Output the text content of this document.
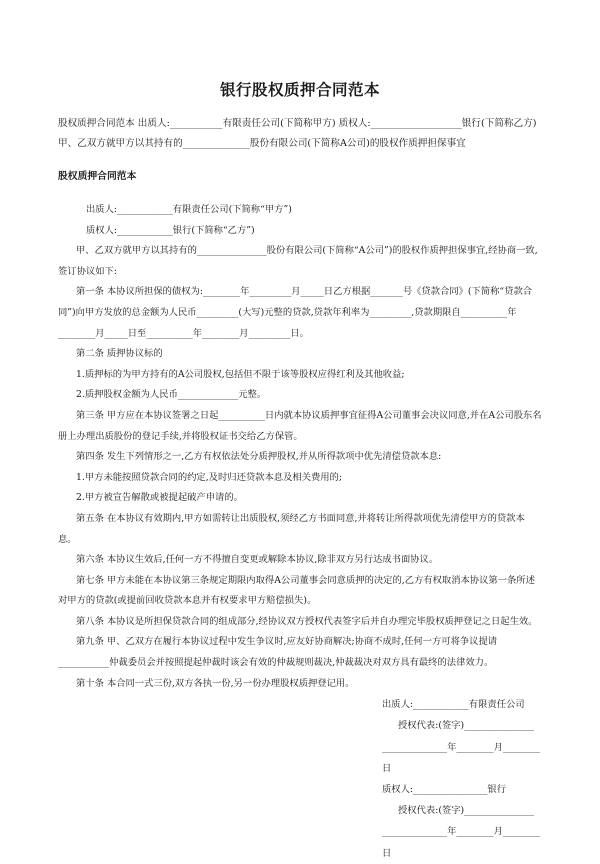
银行股权质押合同范本
股权质押合同范本 出质人:___________有限责任公司(下简称甲方) 质权人:___________________银行(下简称乙方) 甲、乙双方就甲方以其持有的______________股份有限公司(下简称A公司)的股权作质押担保事宜
股权质押合同范本

出质人:____________有限责任公司(下简称“甲方”)

质权人:____________银行(下简称“乙方”)

甲、乙双方就甲方以其持有的_______________股份有限公司(下简称“A公司”)的股权作质押担保事宜,经协商一致,签订协议如下:

第一条 本协议所担保的债权为:________年_________月_____日乙方根据_______号《贷款合同》(下简称“贷款合同”)向甲方发放的总金额为人民币_________(大写)元整的贷款,贷款年利率为_________,贷款期限自__________年________月_____日至__________年________月_________日。

第二条 质押协议标的

1.质押标的为甲方持有的A公司股权,包括但不限于该等股权应得红利及其他收益;

2.质押股权金额为人民币_____________元整。

第三条 甲方应在本协议签署之日起__________日内就本协议质押事宜征得A公司董事会决议同意,并在A公司股东名册上办理出质股份的登记手续,并将股权证书交给乙方保管。

第四条 发生下列情形之一,乙方有权依法处分质押股权,并从所得款项中优先清偿贷款本息:

1.甲方未能按照贷款合同的约定,及时归还贷款本息及相关费用的;

2.甲方被宣告解散或被提起破产申请的。

第五条 在本协议有效期内,甲方如需转让出质股权,须经乙方书面同意,并将转让所得款项优先清偿甲方的贷款本息。

第六条 本协议生效后,任何一方不得擅自变更或解除本协议,除非双方另行达成书面协议。

第七条 甲方未能在本协议第三条规定期限内取得A公司董事会同意质押的决定的,乙方有权取消本协议第一条所述对甲方的贷款(或提前回收贷款本息并有权要求甲方赔偿损失)。

第八条 本协议是所担保贷款合同的组成部分,经协议双方授权代表签字后并自办理完毕股权质押登记之日起生效。

第九条 甲、乙双方在履行本协议过程中发生争议时,应友好协商解决;协商不成时,任何一方可将争议提请___________仲裁委员会并按照提起仲裁时该会有效的仲裁规则裁决,仲裁裁决对双方具有最终的法律效力。

第十条 本合同一式三份,双方各执一份,另一份办理股权质押登记用。

出质人:____________有限责任公司

授权代表:(签字)_______________

______________年________月________日

质权人:________________银行

授权代表:(签字)_______________

______________年________月________日
